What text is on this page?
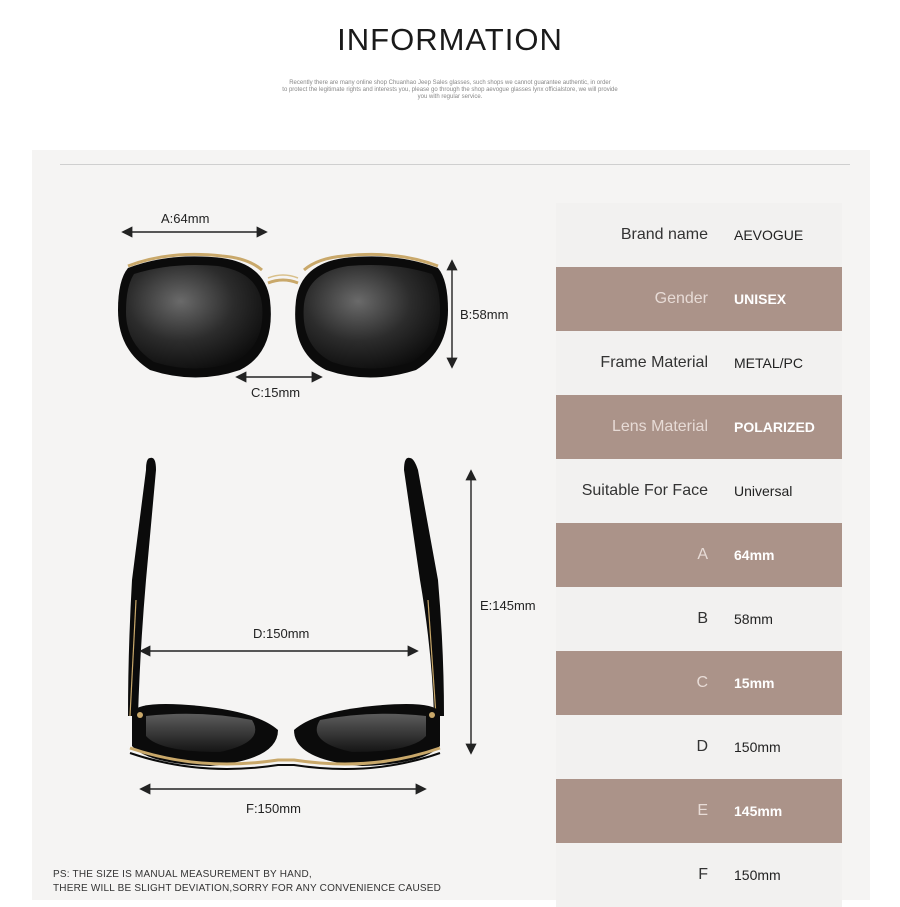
INFORMATION
Recently there are many online shop Chuanhao Jeep Sales glasses, such shops we cannot guarantee authentic, in order
to protect the legitimate rights and interests you, please go through the shop aevogue glasses lynx officialstore, we will provide
you with regular service.
A:64mm
B:58mm
C:15mm
D:150mm
E:145mm
F:150mm
Brand name AEVOGUE
Gender UNISEX
Frame Material METAL/PC
Lens Material POLARIZED
Suitable For Face Universal
A 64mm
B 58mm
C 15mm
D 150mm
E 145mm
F 150mm
PS: THE SIZE IS MANUAL MEASUREMENT BY HAND,
THERE WILL BE SLIGHT DEVIATION,SORRY FOR ANY CONVENIENCE CAUSED
